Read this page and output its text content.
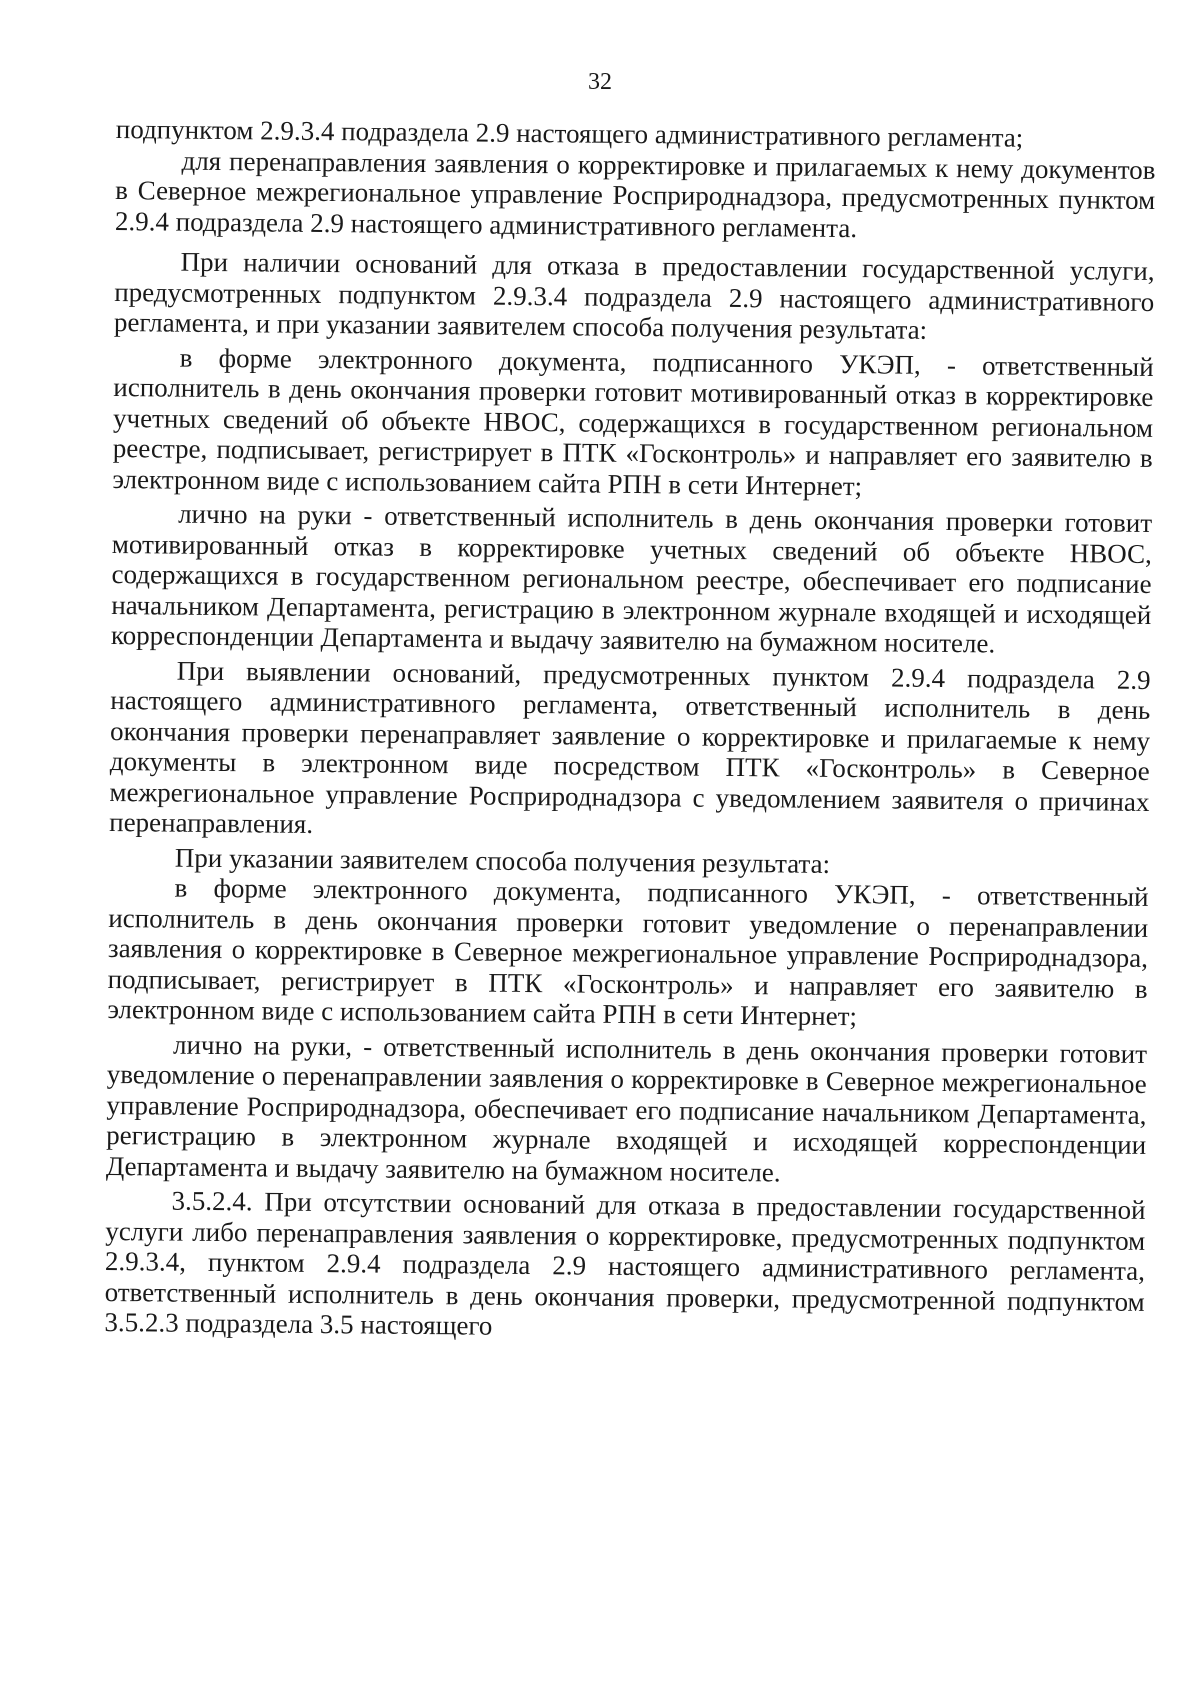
32

подпунктом 2.9.3.4 подраздела 2.9 настоящего административного регламента;

для перенаправления заявления о корректировке и прилагаемых к нему документов в Северное межрегиональное управление Росприроднадзора, предусмотренных пунктом 2.9.4 подраздела 2.9 настоящего административного регламента.

При наличии оснований для отказа в предоставлении государственной услуги, предусмотренных подпунктом 2.9.3.4 подраздела 2.9 настоящего административного регламента, и при указании заявителем способа получения результата:

в форме электронного документа, подписанного УКЭП, - ответственный исполнитель в день окончания проверки готовит мотивированный отказ в корректировке учетных сведений об объекте НВОС, содержащихся в государственном региональном реестре, подписывает, регистрирует в ПТК «Госконтроль» и направляет его заявителю в электронном виде с использованием сайта РПН в сети Интернет;

лично на руки - ответственный исполнитель в день окончания проверки готовит мотивированный отказ в корректировке учетных сведений об объекте НВОС, содержащихся в государственном региональном реестре, обеспечивает его подписание начальником Департамента, регистрацию в электронном журнале входящей и исходящей корреспонденции Департамента и выдачу заявителю на бумажном носителе.

При выявлении оснований, предусмотренных пунктом 2.9.4 подраздела 2.9 настоящего административного регламента, ответственный исполнитель в день окончания проверки перенаправляет заявление о корректировке и прилагаемые к нему документы в электронном виде посредством ПТК «Госконтроль» в Северное межрегиональное управление Росприроднадзора с уведомлением заявителя о причинах перенаправления.

При указании заявителем способа получения результата:

в форме электронного документа, подписанного УКЭП, - ответственный исполнитель в день окончания проверки готовит уведомление о перенаправлении заявления о корректировке в Северное межрегиональное управление Росприроднадзора, подписывает, регистрирует в ПТК «Госконтроль» и направляет его заявителю в электронном виде с использованием сайта РПН в сети Интернет;

лично на руки, - ответственный исполнитель в день окончания проверки готовит уведомление о перенаправлении заявления о корректировке в Северное межрегиональное управление Росприроднадзора, обеспечивает его подписание начальником Департамента, регистрацию в электронном журнале входящей и исходящей корреспонденции Департамента и выдачу заявителю на бумажном носителе.

3.5.2.4. При отсутствии оснований для отказа в предоставлении государственной услуги либо перенаправления заявления о корректировке, предусмотренных подпунктом 2.9.3.4, пунктом 2.9.4 подраздела 2.9 настоящего административного регламента, ответственный исполнитель в день окончания проверки, предусмотренной подпунктом 3.5.2.3 подраздела 3.5 настоящего
